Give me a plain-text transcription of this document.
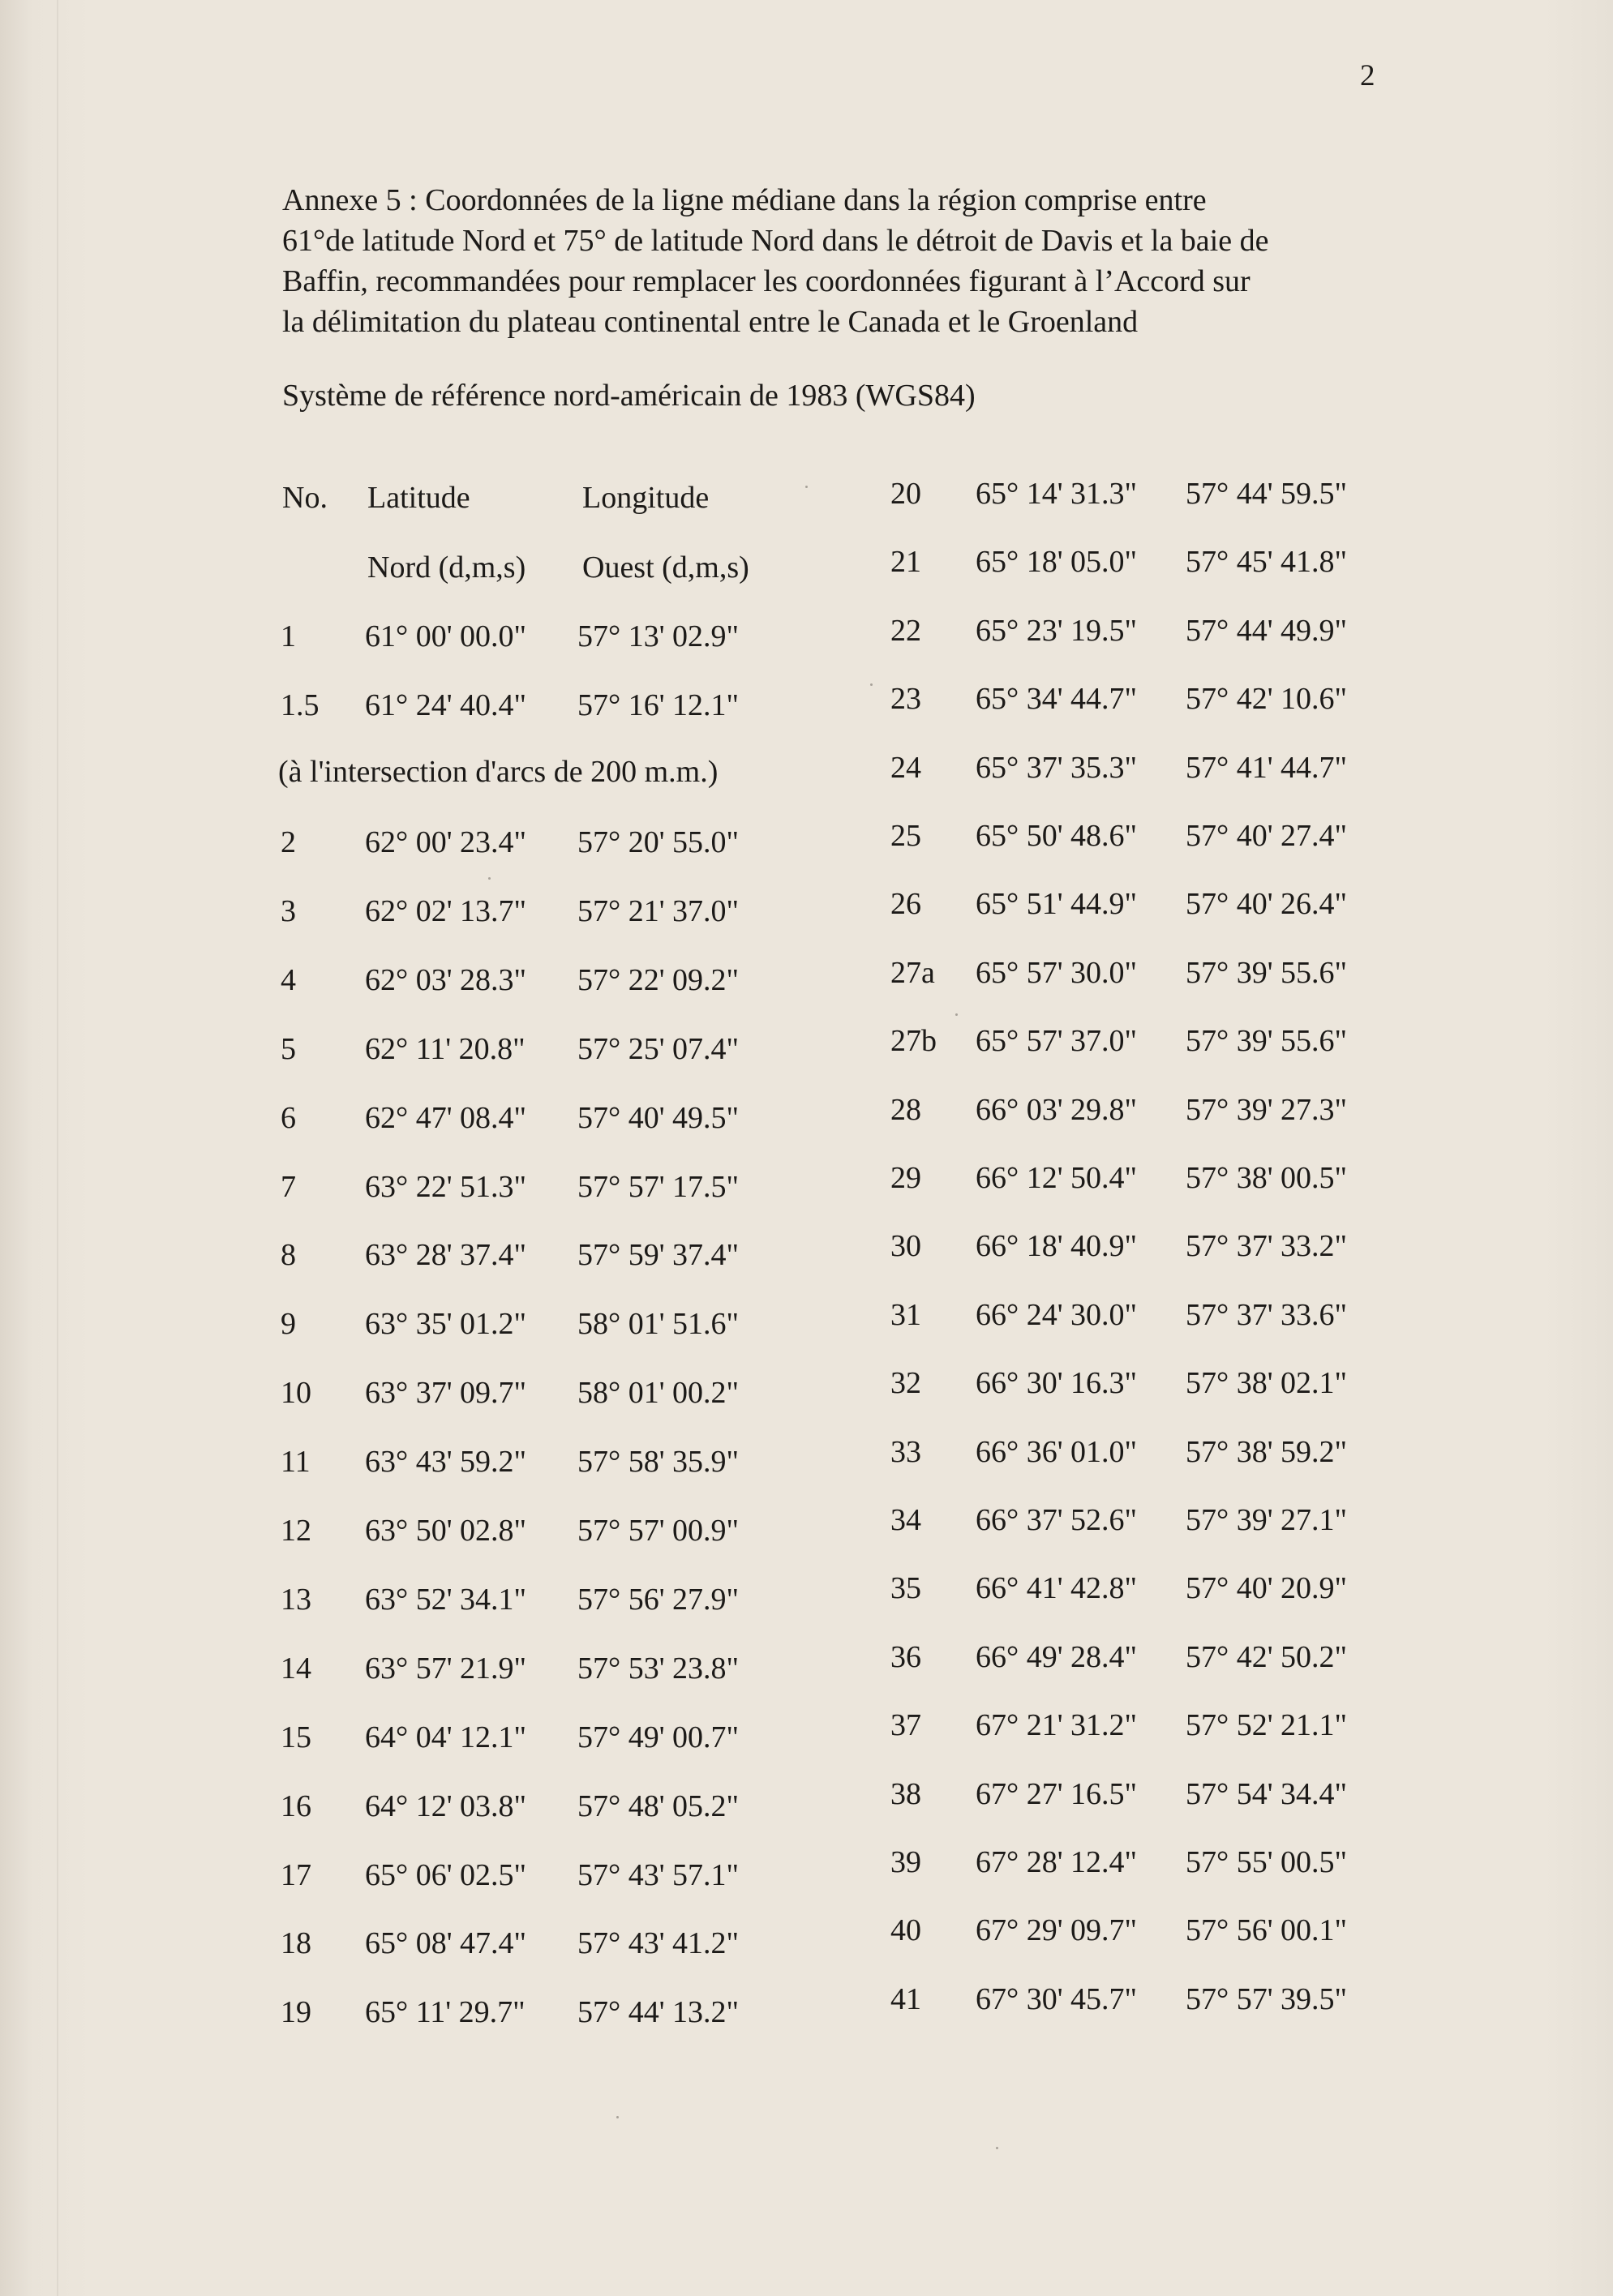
2
Annexe 5 : Coordonnées de la ligne médiane dans la région comprise entre
61°de latitude Nord et 75° de latitude Nord dans le détroit de Davis et la baie de
Baffin, recommandées pour remplacer les coordonnées figurant à l’Accord sur
la délimitation du plateau continental entre le Canada et le Groenland
Système de référence nord-américain de 1983 (WGS84)
No. Latitude	Longitude
Nord (d,m,s) Ouest (d,m,s)
(à l'intersection d'arcs de 200 m.m.)
1 61° 00' 00.0" 57° 13' 02.9"
1.5 61° 24' 40.4" 57° 16' 12.1"
2 62° 00' 23.4" 57° 20' 55.0"
3 62° 02' 13.7" 57° 21' 37.0"
4 62° 03' 28.3" 57° 22' 09.2"
5 62° 11' 20.8" 57° 25' 07.4"
6 62° 47' 08.4" 57° 40' 49.5"
7 63° 22' 51.3" 57° 57' 17.5"
8 63° 28' 37.4" 57° 59' 37.4"
9 63° 35' 01.2" 58° 01' 51.6"
10 63° 37' 09.7" 58° 01' 00.2"
11 63° 43' 59.2" 57° 58' 35.9"
12 63° 50' 02.8" 57° 57' 00.9"
13 63° 52' 34.1" 57° 56' 27.9"
14 63° 57' 21.9" 57° 53' 23.8"
15 64° 04' 12.1" 57° 49' 00.7"
16 64° 12' 03.8" 57° 48' 05.2"
17 65° 06' 02.5" 57° 43' 57.1"
18 65° 08' 47.4" 57° 43' 41.2"
19 65° 11' 29.7" 57° 44' 13.2"
20 65° 14' 31.3" 57° 44' 59.5"
21 65° 18' 05.0" 57° 45' 41.8"
22 65° 23' 19.5" 57° 44' 49.9"
23 65° 34' 44.7" 57° 42' 10.6"
24 65° 37' 35.3" 57° 41' 44.7"
25 65° 50' 48.6" 57° 40' 27.4"
26 65° 51' 44.9" 57° 40' 26.4"
27a 65° 57' 30.0" 57° 39' 55.6"
27b 65° 57' 37.0" 57° 39' 55.6"
28 66° 03' 29.8" 57° 39' 27.3"
29 66° 12' 50.4" 57° 38' 00.5"
30 66° 18' 40.9" 57° 37' 33.2"
31 66° 24' 30.0" 57° 37' 33.6"
32 66° 30' 16.3" 57° 38' 02.1"
33 66° 36' 01.0" 57° 38' 59.2"
34 66° 37' 52.6" 57° 39' 27.1"
35 66° 41' 42.8" 57° 40' 20.9"
36 66° 49' 28.4" 57° 42' 50.2"
37 67° 21' 31.2" 57° 52' 21.1"
38 67° 27' 16.5" 57° 54' 34.4"
39 67° 28' 12.4" 57° 55' 00.5"
40 67° 29' 09.7" 57° 56' 00.1"
41 67° 30' 45.7" 57° 57' 39.5"
